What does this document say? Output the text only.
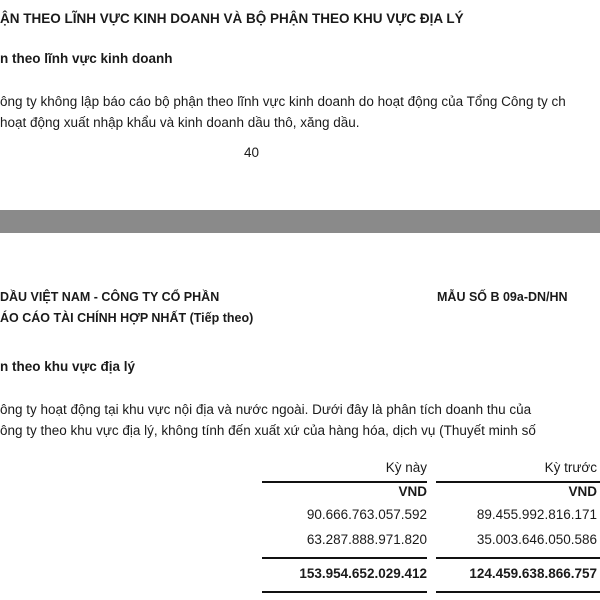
ẬN THEO LĨNH VỰC KINH DOANH VÀ BỘ PHẬN THEO KHU VỰC ĐỊA LÝ
n theo lĩnh vực kinh doanh
ông ty không lập báo cáo bộ phận theo lĩnh vực kinh doanh do hoạt động của Tổng Công ty ch
hoạt động xuất nhập khẩu và kinh doanh dầu thô, xăng dầu.
40
DẦU VIỆT NAM - CÔNG TY CỔ PHẦN
ÁO CÁO TÀI CHÍNH HỢP NHẤT (Tiếp theo)
MẪU SỐ B 09a-DN/HN
n theo khu vực địa lý
ông ty hoạt động tại khu vực nội địa và nước ngoài. Dưới đây là phân tích doanh thu của
ông ty theo khu vực địa lý, không tính đến xuất xứ của hàng hóa, dịch vụ (Thuyết minh số
Kỳ này	Kỳ trước
VND	VND
90.666.763.057.592	89.455.992.816.171
63.287.888.971.820	35.003.646.050.586
153.954.652.029.412	124.459.638.866.757
